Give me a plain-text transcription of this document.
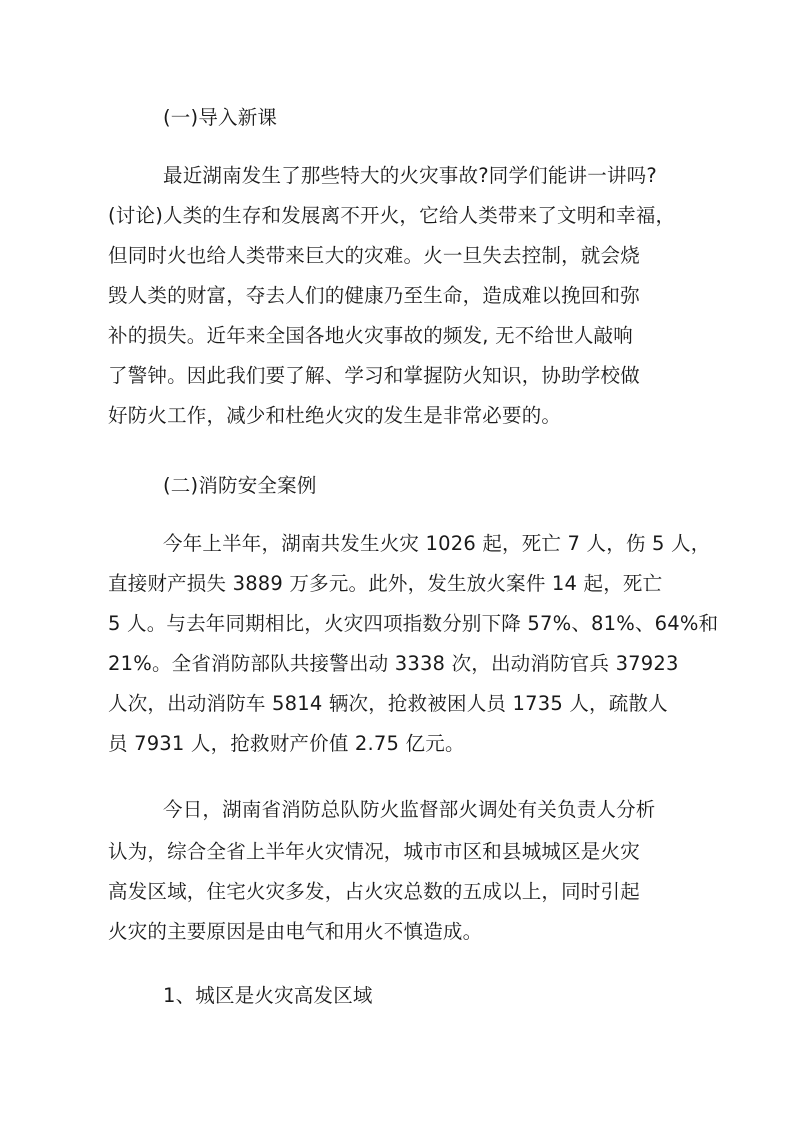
(一)导入新课
最近湖南发生了那些特大的火灾事故?同学们能讲一讲吗?
(讨论)人类的生存和发展离不开火，它给人类带来了文明和幸福，
但同时火也给人类带来巨大的灾难。火一旦失去控制，就会烧
毁人类的财富，夺去人们的健康乃至生命，造成难以挽回和弥
补的损失。近年来全国各地火灾事故的频发, 无不给世人敲响
了警钟。因此我们要了解、学习和掌握防火知识，协助学校做
好防火工作，减少和杜绝火灾的发生是非常必要的。
(二)消防安全案例
今年上半年，湖南共发生火灾 1026 起，死亡 7 人，伤 5 人，
直接财产损失 3889 万多元。此外，发生放火案件 14 起，死亡
5 人。与去年同期相比，火灾四项指数分别下降 57%、81%、64%和
21%。全省消防部队共接警出动 3338 次，出动消防官兵 37923
人次，出动消防车 5814 辆次，抢救被困人员 1735 人，疏散人
员 7931 人，抢救财产价值 2.75 亿元。
今日，湖南省消防总队防火监督部火调处有关负责人分析
认为，综合全省上半年火灾情况，城市市区和县城城区是火灾
高发区域，住宅火灾多发，占火灾总数的五成以上，同时引起
火灾的主要原因是由电气和用火不慎造成。
1、城区是火灾高发区域
